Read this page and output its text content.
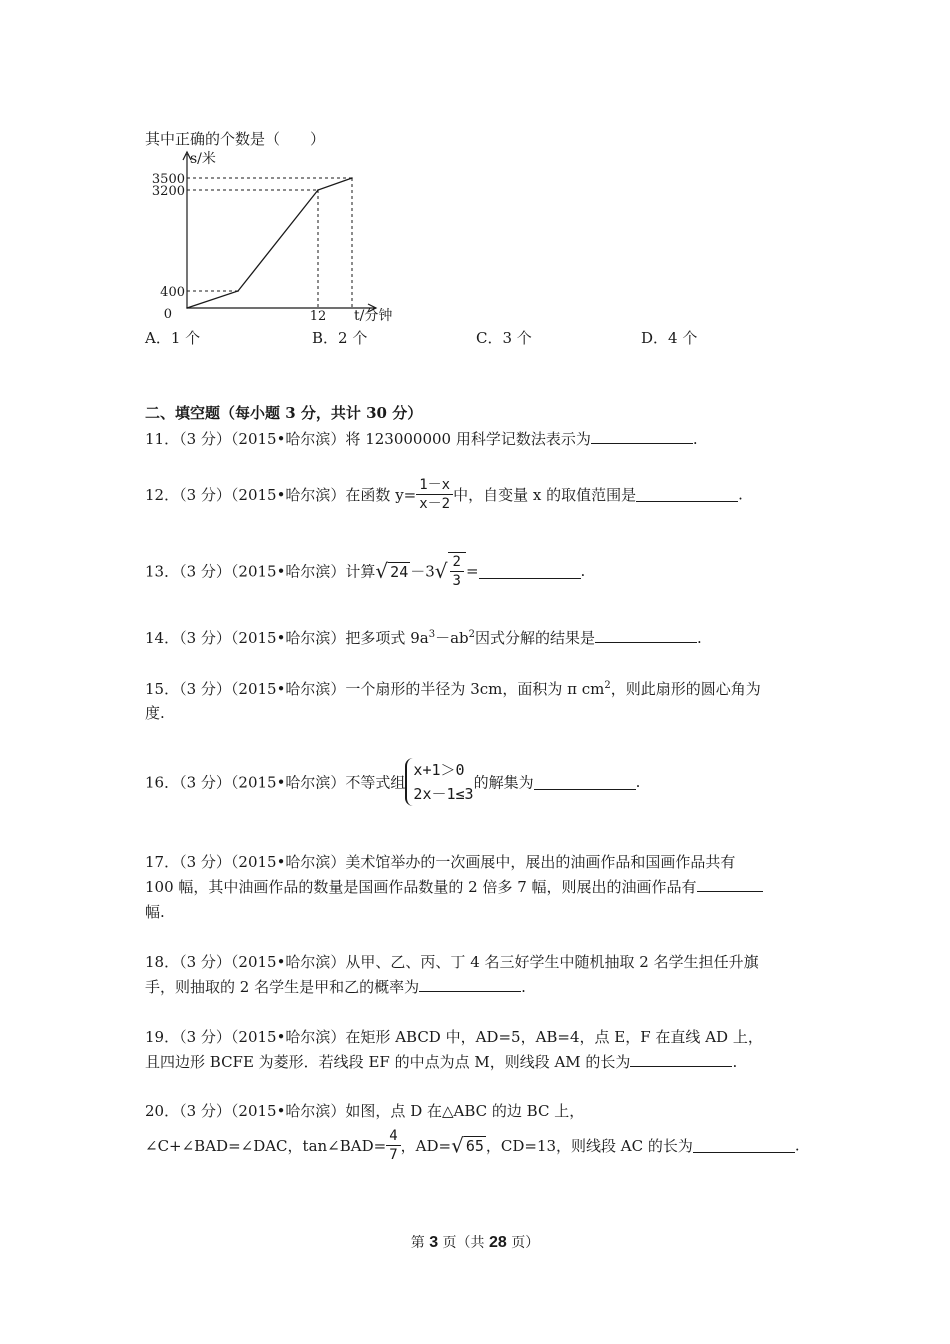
其中正确的个数是（　　）
s/米
t/分钟
3500
3200
400
0	12
A．1 个	B．2 个	C．3 个	D．4 个
二、填空题（每小题 3 分，共计 30 分）
11．（3 分）（2015•哈尔滨）将 123000000 用科学记数法表示为	.
12．（3 分）（2015•哈尔滨）在函数 $y= \frac{1-x}{x-2}$ 中，自变量 x 的取值范围是	.
13．（3 分）（2015•哈尔滨）计算√ $24 -3√ \frac{2}{3}$ =	.
14．（3 分）（2015•哈尔滨）把多项式 $9a^3-ab^2$因式分解的结果是	.
15．（3 分）（2015•哈尔滨）一个扇形的半径为 3cm，面积为 π $cm^2$，则此扇形的圆心角为
度.
16．（3 分）（2015•哈尔滨）不等式组
x+1＞0
2x－1≤3
的解集为	.
17．（3 分）（2015•哈尔滨）美术馆举办的一次画展中，展出的油画作品和国画作品共有
100 幅，其中油画作品的数量是国画作品数量的 2 倍多 7 幅，则展出的油画作品有
幅.
18．（3 分）（2015•哈尔滨）从甲、乙、丙、丁 4 名三好学生中随机抽取 2 名学生担任升旗
手，则抽取的 2 名学生是甲和乙的概率为	.
19．（3 分）（2015•哈尔滨）在矩形 ABCD 中，AD=5，AB=4，点 E，F 在直线 AD 上，
且四边形 BCFE 为菱形．若线段 EF 的中点为点 M，则线段 AM 的长为	.
20．（3 分）（2015•哈尔滨）如图，点 D 在△ABC 的边 BC 上，
∠C+∠BAD=∠DAC，tan∠BAD= $\frac{4}{7}$ ，AD=√ 65 ，CD=13，则线段 AC 的长为	.
第 3 页（共 28 页）
